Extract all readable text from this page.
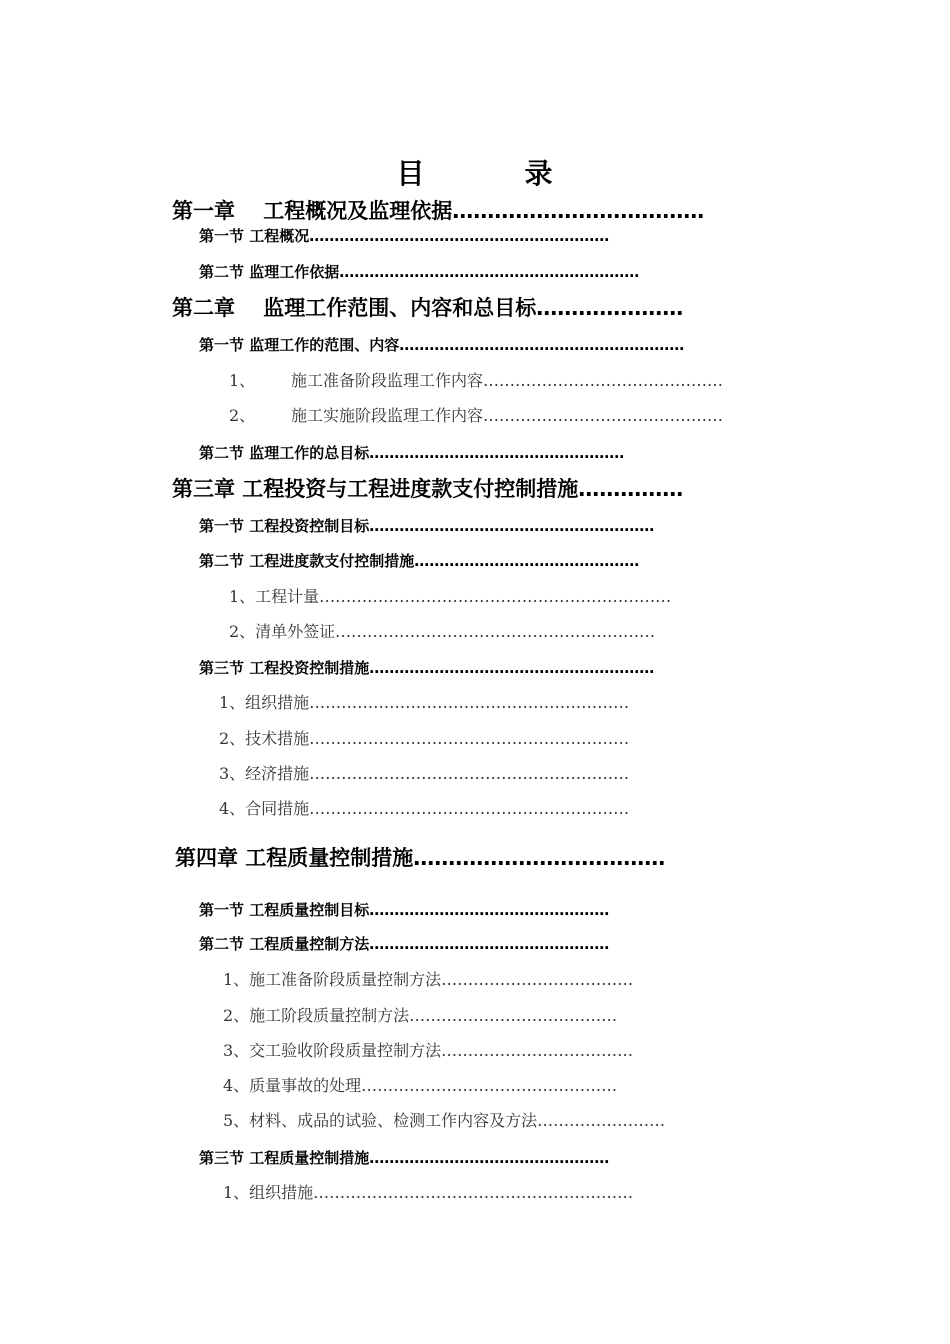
目　录
第一章　 工程概况及监理依据………………………………
第一节 工程概况……………………………………………………
第二节 监理工作依据……………………………………………………
第二章　 监理工作范围、内容和总目标…………………
第一节 监理工作的范围、内容…………………………………………………
1、 施工准备阶段监理工作内容………………………………………
2、 施工实施阶段监理工作内容………………………………………
第二节 监理工作的总目标……………………………………………
第三章 工程投资与工程进度款支付控制措施……………
第一节 工程投资控制目标…………………………………………………
第二节 工程进度款支付控制措施………………………………………
1、工程计量…………………………………………………………
2、清单外签证……………………………………………………
第三节 工程投资控制措施…………………………………………………
1、组织措施……………………………………………………
2、技术措施……………………………………………………
3、经济措施……………………………………………………
4、合同措施……………………………………………………
第四章 工程质量控制措施………………………………
第一节 工程质量控制目标…………………………………………
第二节 工程质量控制方法…………………………………………
1、施工准备阶段质量控制方法………………………………
2、施工阶段质量控制方法…………………………………
3、交工验收阶段质量控制方法………………………………
4、质量事故的处理…………………………………………
5、材料、成品的试验、检测工作内容及方法……………………
第三节 工程质量控制措施…………………………………………
1、组织措施……………………………………………………
